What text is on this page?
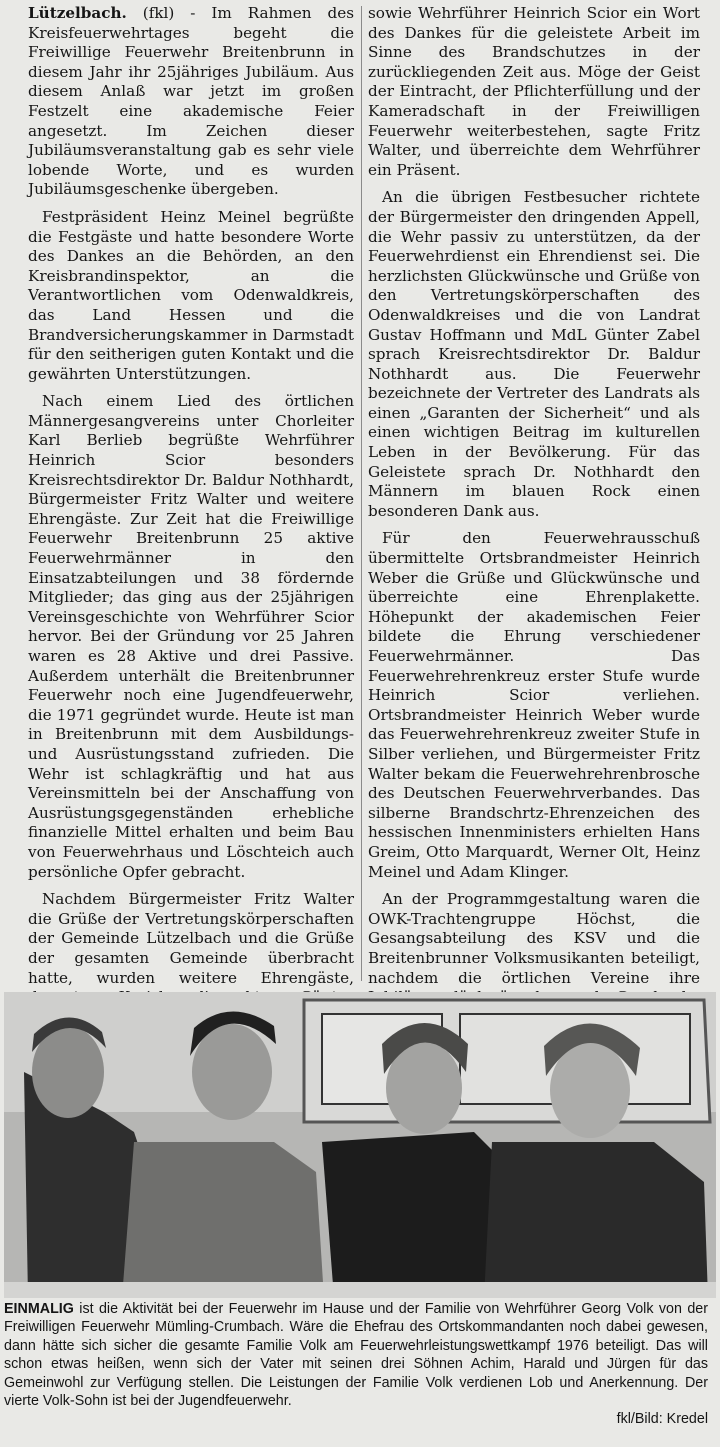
Lützelbach. (fkl) - Im Rahmen des Kreisfeuerwehrtages begeht die Freiwillige Feuerwehr Breitenbrunn in diesem Jahr ihr 25jähriges Jubiläum. Aus diesem Anlaß war jetzt im großen Festzelt eine akademische Feier angesetzt. Im Zeichen dieser Jubiläumsveranstaltung gab es sehr viele lobende Worte, und es wurden Jubiläumsgeschenke übergeben.

Festpräsident Heinz Meinel begrüßte die Festgäste und hatte besondere Worte des Dankes an die Behörden, an den Kreisbrandinspektor, an die Verantwortlichen vom Odenwaldkreis, das Land Hessen und die Brandversicherungskammer in Darmstadt für den seitherigen guten Kontakt und die gewährten Unterstützungen.

Nach einem Lied des örtlichen Männergesangvereins unter Chorleiter Karl Berlieb begrüßte Wehrführer Heinrich Scior besonders Kreisrechtsdirektor Dr. Baldur Nothhardt, Bürgermeister Fritz Walter und weitere Ehrengäste. Zur Zeit hat die Freiwillige Feuerwehr Breitenbrunn 25 aktive Feuerwehrmänner in den Einsatzabteilungen und 38 fördernde Mitglieder; das ging aus der 25jährigen Vereinsgeschichte von Wehrführer Scior hervor. Bei der Gründung vor 25 Jahren waren es 28 Aktive und drei Passive. Außerdem unterhält die Breitenbrunner Feuerwehr noch eine Jugendfeuerwehr, die 1971 gegründet wurde. Heute ist man in Breitenbrunn mit dem Ausbildungs- und Ausrüstungsstand zufrieden. Die Wehr ist schlagkräftig und hat aus Vereinsmitteln bei der Anschaffung von Ausrüstungsgegenständen erhebliche finanzielle Mittel erhalten und beim Bau von Feuerwehrhaus und Löschteich auch persönliche Opfer gebracht.

Nachdem Bürgermeister Fritz Walter die Grüße der Vertretungskörperschaften der Gemeinde Lützelbach und die Grüße der gesamten Gemeinde überbracht hatte, wurden weitere Ehrengäste,

sowie Wehrführer Heinrich Scior ein Wort des Dankes für die geleistete Arbeit im Sinne des Brandschutzes in der zurückliegenden Zeit aus. Möge der Geist der Eintracht, der Pflichterfüllung und der Kameradschaft in der Freiwilligen Feuerwehr weiterbestehen, sagte Fritz Walter, und überreichte dem Wehrführer ein Präsent.

An die übrigen Festbesucher richtete der Bürgermeister den dringenden Appell, die Wehr passiv zu unterstützen, da der Feuerwehrdienst ein Ehrendienst sei. Die herzlichsten Glückwünsche und Grüße von den Vertretungskörperschaften des Odenwaldkreises und die von Landrat Gustav Hoffmann und MdL Günter Zabel sprach Kreisrechtsdirektor Dr. Baldur Nothhardt aus. Die Feuerwehr bezeichnete der Vertreter des Landrats als einen „Garanten der Sicherheit“ und als einen wichtigen Beitrag im kulturellen Leben in der Bevölkerung. Für das Geleistete sprach Dr. Nothhardt den Männern im blauen Rock einen besonderen Dank aus.

Für den Feuerwehrausschuß übermittelte Ortsbrandmeister Heinrich Weber die Grüße und Glückwünsche und überreichte eine Ehrenplakette. Höhepunkt der akademischen Feier bildete die Ehrung verschiedener Feuerwehrmänner. Das Feuerwehrehrenkreuz erster Stufe wurde Heinrich Scior verliehen. Ortsbrandmeister Heinrich Weber wurde das Feuerwehrehrenkreuz zweiter Stufe in Silber verliehen, und Bürgermeister Fritz Walter bekam die Feuerwehrehrenbrosche des Deutschen Feuerwehrverbandes. Das silberne Brandschrtz-Ehrenzeichen des hessischen Innenministers erhielten Hans Greim, Otto Marquardt, Werner Olt, Heinz Meinel und Adam Klinger.

An der Programmgestaltung waren die OWK-Trachtengruppe Höchst, die Gesangsabteilung des KSV und die Breitenbrunner Volksmusikanten beteiligt, nachdem die örtlichen Vereine ihre

EINMALIG ist die Aktivität bei der Feuerwehr im Hause und der Familie von Wehrführer Georg Volk von der Freiwilligen Feuerwehr Mümling-Crumbach. Wäre die Ehefrau des Ortskommandanten noch dabei gewesen, dann hätte sich sicher die gesamte Familie Volk am Feuerwehrleistungswettkampf 1976 beteiligt. Das will schon etwas heißen, wenn sich der Vater mit seinen drei Söhnen Achim, Harald und Jürgen für das Gemeinwohl zur Verfügung stellen. Die Leistungen der Familie Volk verdienen Lob und Anerkennung. Der vierte Volk-Sohn ist bei der Jugendfeuerwehr.
fkl/Bild: Kredel
